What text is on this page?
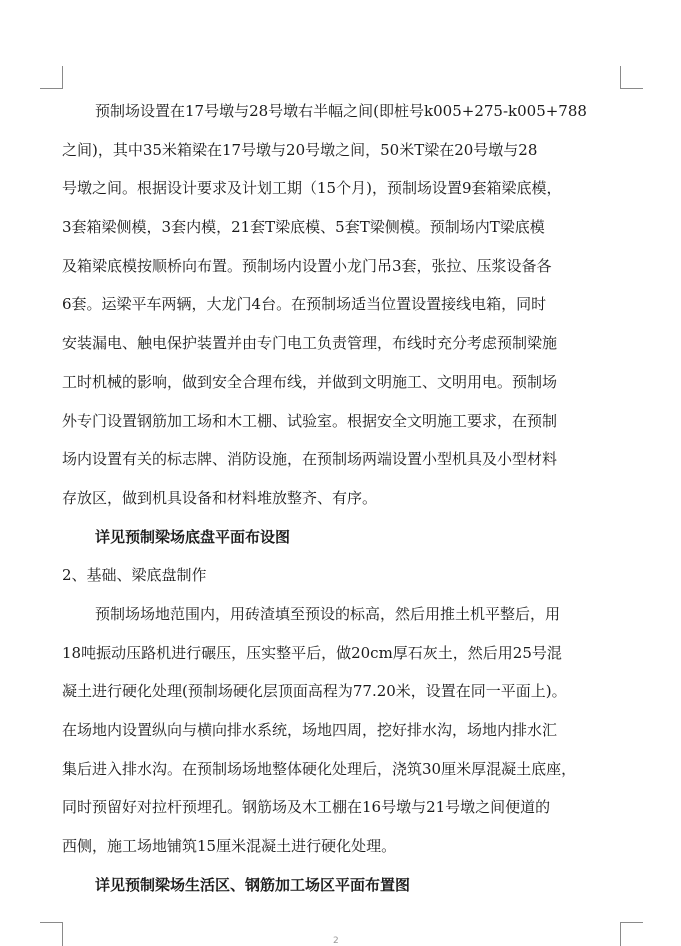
预制场设置在17号墩与28号墩右半幅之间(即桩号k005+275-k005+788
之间)，其中35米箱梁在17号墩与20号墩之间，50米T梁在20号墩与28
号墩之间。根据设计要求及计划工期（15个月)，预制场设置9套箱梁底模，
3套箱梁侧模，3套内模，21套T梁底模、5套T梁侧模。预制场内T梁底模
及箱梁底模按顺桥向布置。预制场内设置小龙门吊3套，张拉、压浆设备各
6套。运梁平车两辆，大龙门4台。在预制场适当位置设置接线电箱，同时
安装漏电、触电保护装置并由专门电工负责管理，布线时充分考虑预制梁施
工时机械的影响，做到安全合理布线，并做到文明施工、文明用电。预制场
外专门设置钢筋加工场和木工棚、试验室。根据安全文明施工要求，在预制
场内设置有关的标志牌、消防设施，在预制场两端设置小型机具及小型材料
存放区，做到机具设备和材料堆放整齐、有序。
详见预制梁场底盘平面布设图
2、基础、梁底盘制作
预制场场地范围内，用砖渣填至预设的标高，然后用推土机平整后，用
18吨振动压路机进行碾压，压实整平后，做20cm厚石灰土，然后用25号混
凝土进行硬化处理(预制场硬化层顶面高程为77.20米，设置在同一平面上)。
在场地内设置纵向与横向排水系统，场地四周，挖好排水沟，场地内排水汇
集后进入排水沟。在预制场场地整体硬化处理后，浇筑30厘米厚混凝土底座，
同时预留好对拉杆预埋孔。钢筋场及木工棚在16号墩与21号墩之间便道的
西侧，施工场地铺筑15厘米混凝土进行硬化处理。
详见预制梁场生活区、钢筋加工场区平面布置图
2
